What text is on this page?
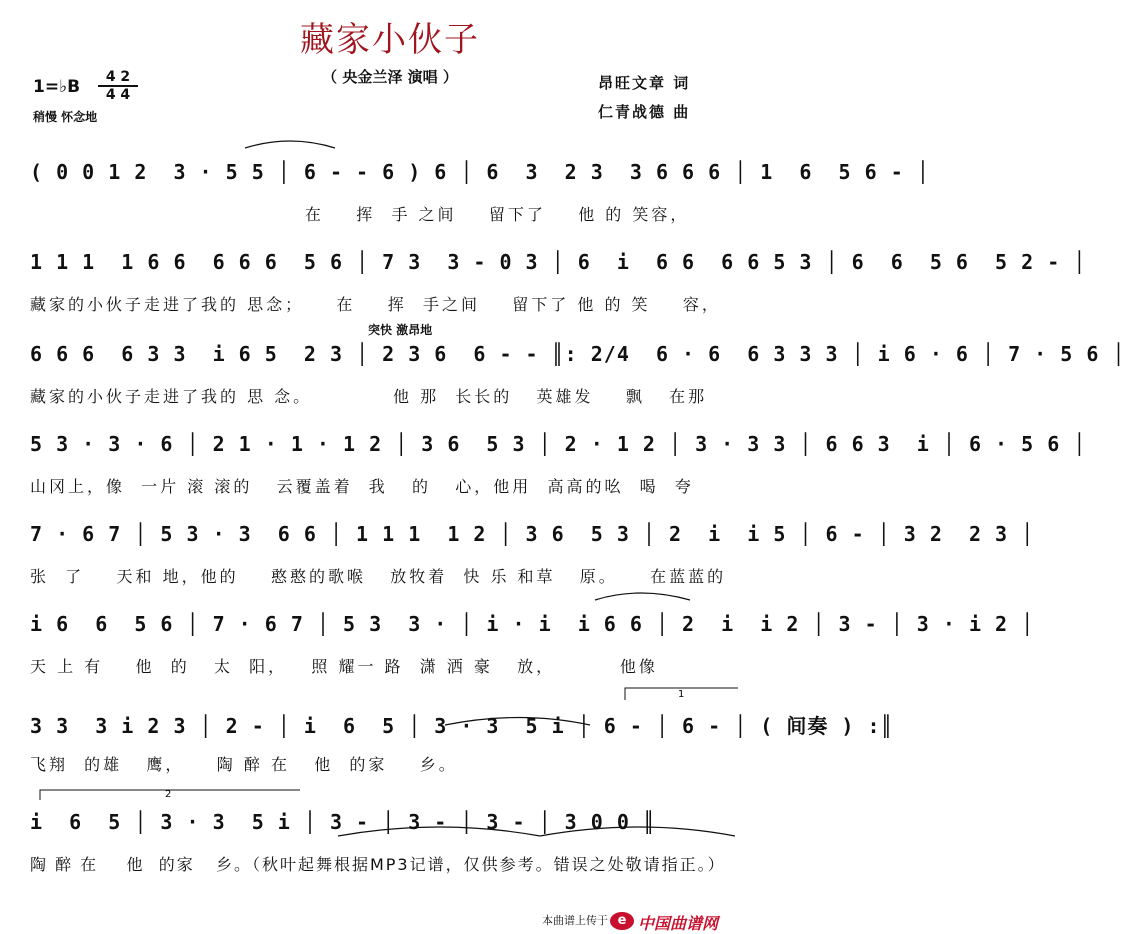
藏家小伙子
（ 央金兰泽 演唱 ）
1=♭B	4 2
4 4
稍慢 怀念地
昂旺文章 词
仁青战德 曲
突快 激昂地
( 0 0 1 2  3 · 5 5 │ 6 - - 6 ) 6 │ 6  3  2 3  3 6 6 6 │ 1  6  5 6 - │
在    挥  手 之间    留下了    他 的 笑容，
1 1 1  1 6 6  6 6 6  5 6 │ 7 3  3 - 0 3 │ 6  i  6 6  6 6 5 3 │ 6  6  5 6  5 2 - │
藏家的小伙子走进了我的 思念；    在    挥  手之间    留下了 他 的 笑    容，
6 6 6  6 3 3  i 6 5  2 3 │ 2 3 6  6 - - ║: 2/4  6 · 6  6 3 3 3 │ i 6 · 6 │ 7 · 5 6 │
藏家的小伙子走进了我的 思 念。          他 那  长长的   英雄发    飘   在那
5 3 · 3 · 6 │ 2 1 · 1 · 1 2 │ 3 6  5 3 │ 2 · 1 2 │ 3 · 3 3 │ 6 6 3  i │ 6 · 5 6 │
山冈上，像  一片 滚 滚的   云覆盖着  我   的   心，他用  高高的吆  喝  夸
7 · 6 7 │ 5 3 · 3  6 6 │ 1 1 1  1 2 │ 3 6  5 3 │ 2  i  i 5 │ 6 - │ 3 2  2 3 │
张  了    天和 地，他的    憨憨的歌喉   放牧着  快 乐 和草   原。    在蓝蓝的
i 6  6  5 6 │ 7 · 6 7 │ 5 3  3 · │ i · i  i 6 6 │ 2  i  i 2 │ 3 - │ 3 · i 2 │
天 上 有    他  的   太  阳，   照 耀一 路  潇 洒 豪   放，        他像
3 3  3 i 2 3 │ 2 - │ i  6  5 │ 3 · 3  5 i │ 6 - │ 6 - │ ( 间奏 ) :║
飞翔  的雄   鹰，    陶 醉 在   他  的家    乡。
i  6  5 │ 3 · 3  5 i │ 3 - │ 3 - │ 3 - │ 3 0 0 ║
陶 醉 在    他  的家   乡。（秋叶起舞根据MP3记谱，仅供参考。错误之处敬请指正。）
1
2
本曲谱上传于 e 中国曲谱网
